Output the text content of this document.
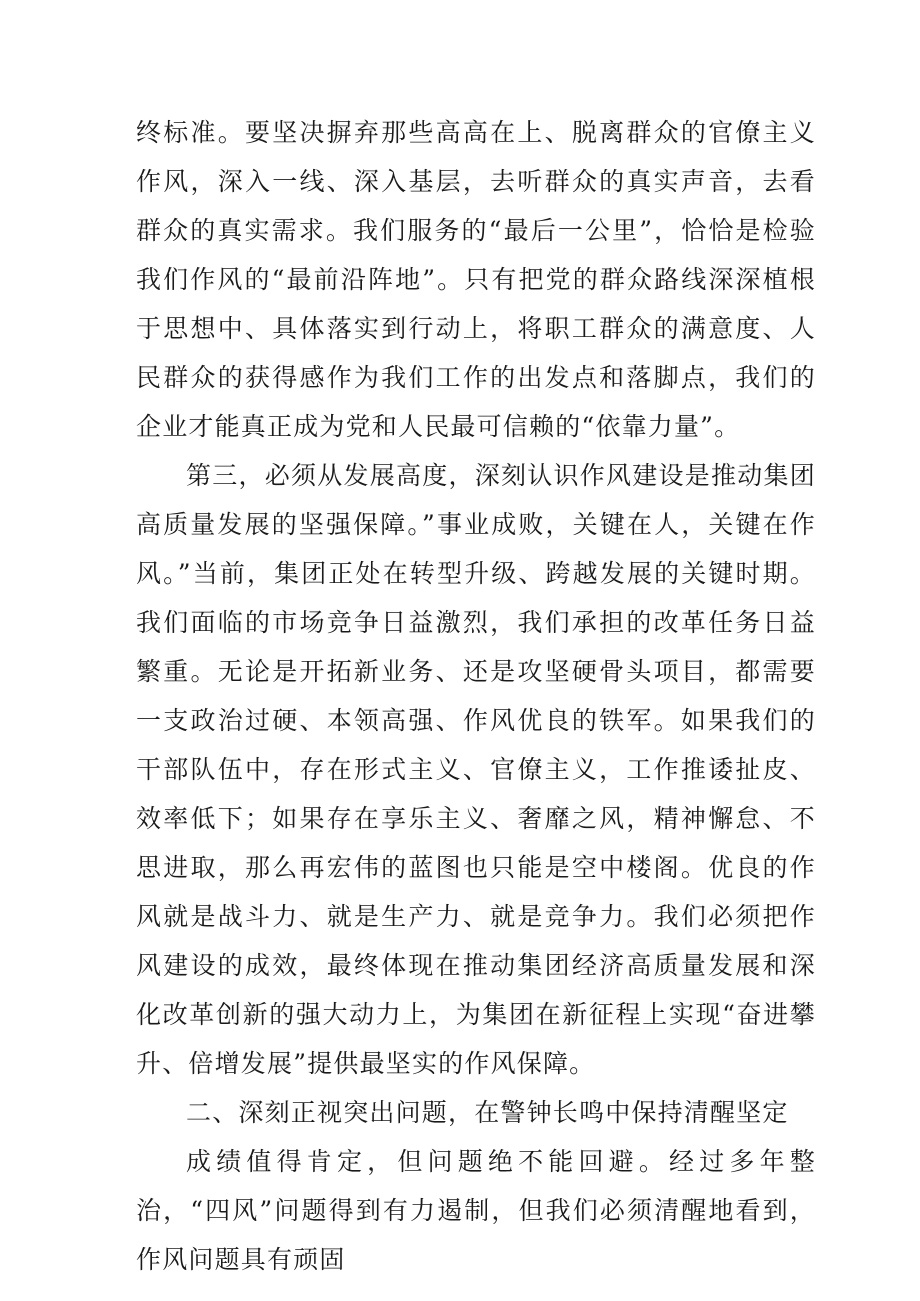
终标准。要坚决摒弃那些高高在上、脱离群众的官僚主义作风，深入一线、深入基层，去听群众的真实声音，去看群众的真实需求。我们服务的“最后一公里”，恰恰是检验我们作风的“最前沿阵地”。只有把党的群众路线深深植根于思想中、具体落实到行动上，将职工群众的满意度、人民群众的获得感作为我们工作的出发点和落脚点，我们的企业才能真正成为党和人民最可信赖的“依靠力量”。

第三，必须从发展高度，深刻认识作风建设是推动集团高质量发展的坚强保障。”事业成败，关键在人，关键在作风。”当前，集团正处在转型升级、跨越发展的关键时期。我们面临的市场竞争日益激烈，我们承担的改革任务日益繁重。无论是开拓新业务、还是攻坚硬骨头项目，都需要一支政治过硬、本领高强、作风优良的铁军。如果我们的干部队伍中，存在形式主义、官僚主义，工作推诿扯皮、效率低下；如果存在享乐主义、奢靡之风，精神懈怠、不思进取，那么再宏伟的蓝图也只能是空中楼阁。优良的作风就是战斗力、就是生产力、就是竞争力。我们必须把作风建设的成效，最终体现在推动集团经济高质量发展和深化改革创新的强大动力上，为集团在新征程上实现“奋进攀升、倍增发展”提供最坚实的作风保障。

二、深刻正视突出问题，在警钟长鸣中保持清醒坚定

成绩值得肯定，但问题绝不能回避。经过多年整治，“四风”问题得到有力遏制，但我们必须清醒地看到，作风问题具有顽固
